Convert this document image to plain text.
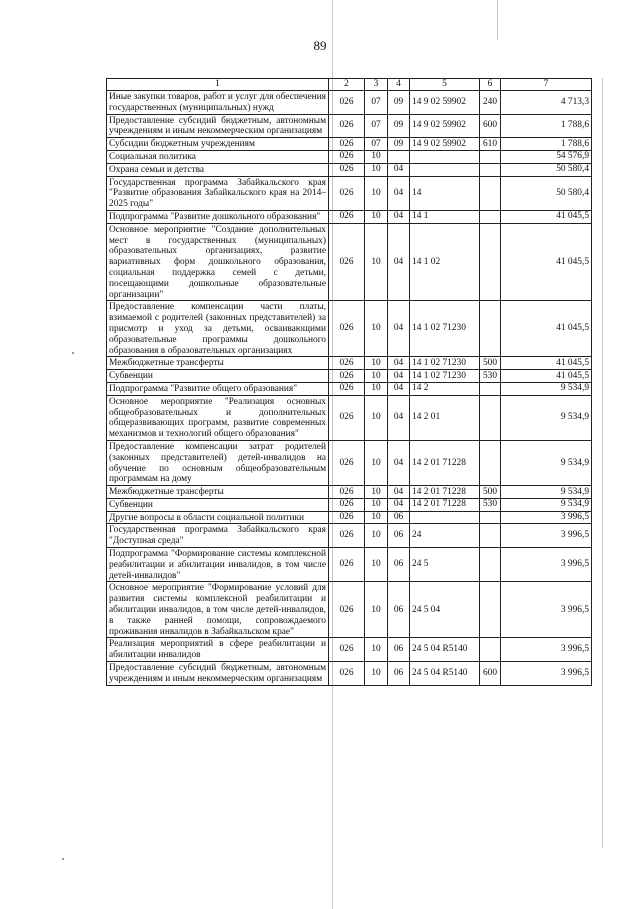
89
1	2	3	4	5	6	7
Иные закупки товаров, работ и услуг для обеспечения государственных (муниципальных) нужд	026	07	09	14 9 02 59902	240	4 713,3
Предоставление субсидий бюджетным, автономным учреждениям и иным некоммерческим организациям	026	07	09	14 9 02 59902	600	1 788,6
Субсидии бюджетным учреждениям	026	07	09	14 9 02 59902	610	1 788,6
Социальная политика	026	10				54 576,9
Охрана семьи и детства	026	10	04			50 580,4
Государственная программа Забайкальского края "Развитие образования Забайкальского края на 2014–2025 годы"	026	10	04	14		50 580,4
Подпрограмма "Развитие дошкольного образования"	026	10	04	14 1		41 045,5
Основное мероприятие "Создание дополнительных мест в государственных (муниципальных) образовательных организациях, развитие вариативных форм дошкольного образования, социальная поддержка семей с детьми, посещающими дошкольные образовательные организации"	026	10	04	14 1 02		41 045,5
Предоставление компенсации части платы, взимаемой с родителей (законных представителей) за присмотр и уход за детьми, осваивающими образовательные программы дошкольного образования в образовательных организациях	026	10	04	14 1 02 71230		41 045,5
Межбюджетные трансферты	026	10	04	14 1 02 71230	500	41 045,5
Субвенции	026	10	04	14 1 02 71230	530	41 045,5
Подпрограмма "Развитие общего образования"	026	10	04	14 2		9 534,9
Основное мероприятие "Реализация основных общеобразовательных и дополнительных общеразвивающих программ, развитие современных механизмов и технологий общего образования"	026	10	04	14 2 01		9 534,9
Предоставление компенсации затрат родителей (законных представителей) детей-инвалидов на обучение по основным общеобразовательным программам на дому	026	10	04	14 2 01 71228		9 534,9
Межбюджетные трансферты	026	10	04	14 2 01 71228	500	9 534,9
Субвенции	026	10	04	14 2 01 71228	530	9 534,9
Другие вопросы в области социальной политики	026	10	06			3 996,5
Государственная программа Забайкальского края "Доступная среда"	026	10	06	24		3 996,5
Подпрограмма "Формирование системы комплексной реабилитации и абилитации инвалидов, в том числе детей-инвалидов"	026	10	06	24 5		3 996,5
Основное мероприятие "Формирование условий для развития системы комплексной реабилитации и абилитации инвалидов, в том числе детей-инвалидов, в также ранней помощи, сопровождаемого проживания инвалидов в Забайкальском крае"	026	10	06	24 5 04		3 996,5
Реализация мероприятий в сфере реабилитации и абилитации инвалидов	026	10	06	24 5 04 R5140		3 996,5
Предоставление субсидий бюджетным, автономным учреждениям и иным некоммерческим организациям	026	10	06	24 5 04 R5140	600	3 996,5
